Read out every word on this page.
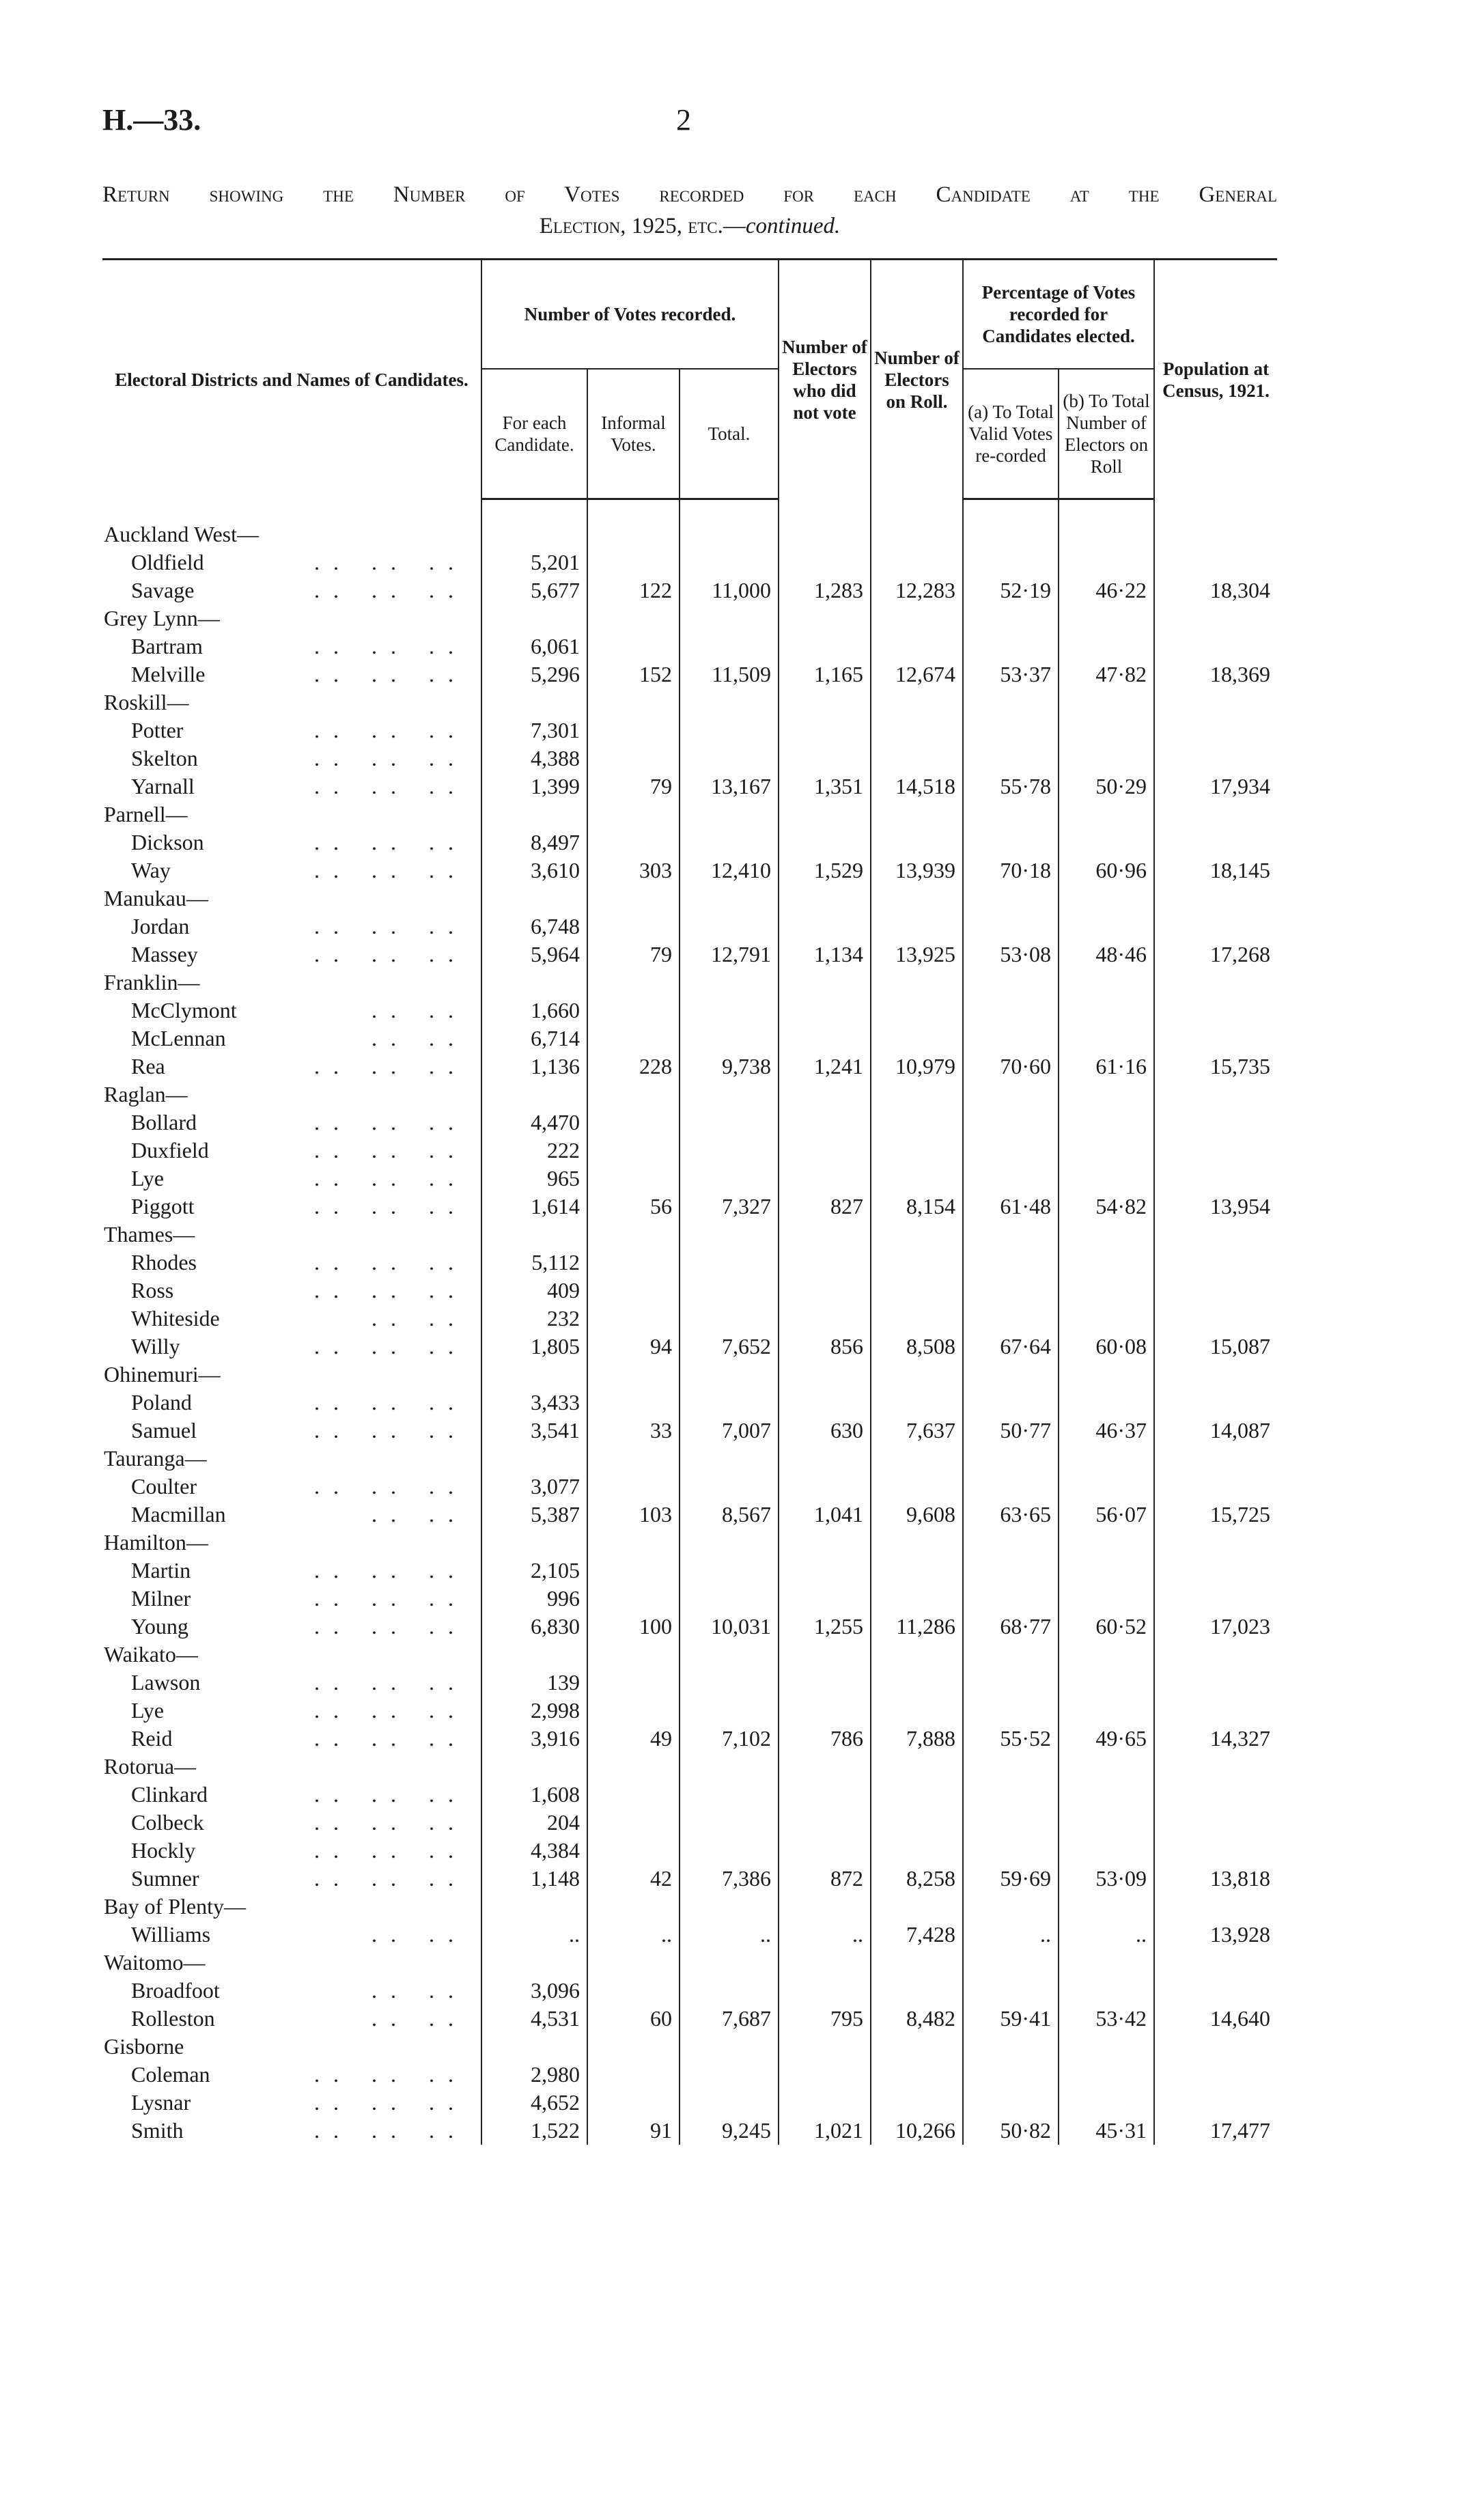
H.—33.	2
Return showing the Number of Votes recorded for each Candidate at the General
Election, 1925, etc.—continued.
Electoral Districts and Names of Candidates.	Number of Votes recorded.			Number of Electors who did not vote	Number of Electors on Roll.	Percentage of Votes recorded for Candidates elected.		Population at Census, 1921.
	For each Candidate.	Informal Votes.	Total.			(a) To Total Valid Votes re-corded	(b) To Total Number of Electors on Roll	

Auckland West—								
Oldfield .. .. ..	5,201							
Savage .. .. ..	5,677	122	11,000	1,283	12,283	52·19	46·22	18,304
Grey Lynn—								
Bartram .. .. ..	6,061							
Melville .. .. ..	5,296	152	11,509	1,165	12,674	53·37	47·82	18,369
Roskill—								
Potter .. .. ..	7,301							
Skelton .. .. ..	4,388							
Yarnall .. .. ..	1,399	79	13,167	1,351	14,518	55·78	50·29	17,934
Parnell—								
Dickson .. .. ..	8,497							
Way .. .. ..	3,610	303	12,410	1,529	13,939	70·18	60·96	18,145
Manukau—								
Jordan .. .. ..	6,748							
Massey .. .. ..	5,964	79	12,791	1,134	13,925	53·08	48·46	17,268
Franklin—								
McClymont .. ..	1,660							
McLennan .. ..	6,714							
Rea .. .. ..	1,136	228	9,738	1,241	10,979	70·60	61·16	15,735
Raglan—								
Bollard .. .. ..	4,470							
Duxfield .. .. ..	222							
Lye .. .. ..	965							
Piggott .. .. ..	1,614	56	7,327	827	8,154	61·48	54·82	13,954
Thames—								
Rhodes .. .. ..	5,112							
Ross .. .. ..	409							
Whiteside .. ..	232							
Willy .. .. ..	1,805	94	7,652	856	8,508	67·64	60·08	15,087
Ohinemuri—								
Poland .. .. ..	3,433							
Samuel .. .. ..	3,541	33	7,007	630	7,637	50·77	46·37	14,087
Tauranga—								
Coulter .. .. ..	3,077							
Macmillan .. ..	5,387	103	8,567	1,041	9,608	63·65	56·07	15,725
Hamilton—								
Martin .. .. ..	2,105							
Milner .. .. ..	996							
Young .. .. ..	6,830	100	10,031	1,255	11,286	68·77	60·52	17,023
Waikato—								
Lawson .. .. ..	139							
Lye .. .. ..	2,998							
Reid .. .. ..	3,916	49	7,102	786	7,888	55·52	49·65	14,327
Rotorua—								
Clinkard .. .. ..	1,608							
Colbeck .. .. ..	204							
Hockly .. .. ..	4,384							
Sumner .. .. ..	1,148	42	7,386	872	8,258	59·69	53·09	13,818
Bay of Plenty—								
Williams .. ..	..	..	..	..	7,428	..	..	13,928
Waitomo—								
Broadfoot .. ..	3,096							
Rolleston .. ..	4,531	60	7,687	795	8,482	59·41	53·42	14,640
Gisborne								
Coleman .. .. ..	2,980							
Lysnar .. .. ..	4,652							
Smith .. .. ..	1,522	91	9,245	1,021	10,266	50·82	45·31	17,477
